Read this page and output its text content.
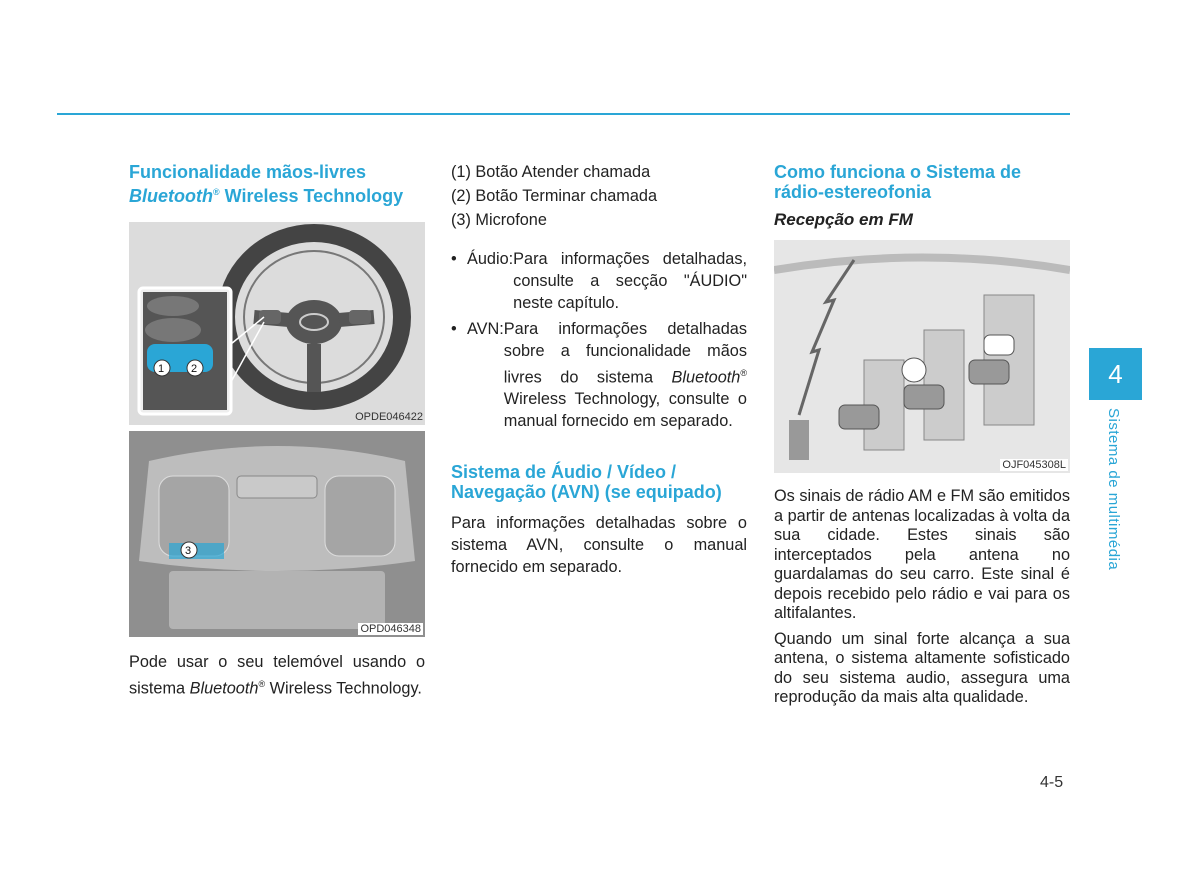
Funcionalidade mãos-livres
Bluetooth® Wireless Technology
1 2
OPDE046422
3
OPD046348

Pode usar o seu telemóvel usando o sistema Bluetooth® Wireless Technology.

(1) Botão Atender chamada
(2) Botão Terminar chamada
(3) Microfone
• Áudio: Para informações detalhadas, consulte a secção "ÁUDIO" neste capítulo.
• AVN: Para informações detalhadas sobre a funcionalidade mãos livres do sistema Bluetooth® Wireless Technology, consulte o manual fornecido em separado.
Sistema de Áudio / Vídeo / Navegação (AVN) (se equipado)

Para informações detalhadas sobre o sistema AVN, consulte o manual fornecido em separado.

Como funciona o Sistema de rádio-estereofonia
Recepção em FM
OJF045308L

Os sinais de rádio AM e FM são emitidos a partir de antenas localizadas à volta da sua cidade. Estes sinais são interceptados pela antena no guardalamas do seu carro. Este sinal é depois recebido pelo rádio e vai para os altifalantes.

Quando um sinal forte alcança a sua antena, o sistema altamente sofisticado do seu sistema audio, assegura uma reprodução da mais alta qualidade.

4
Sistema de multimédia
4-5
